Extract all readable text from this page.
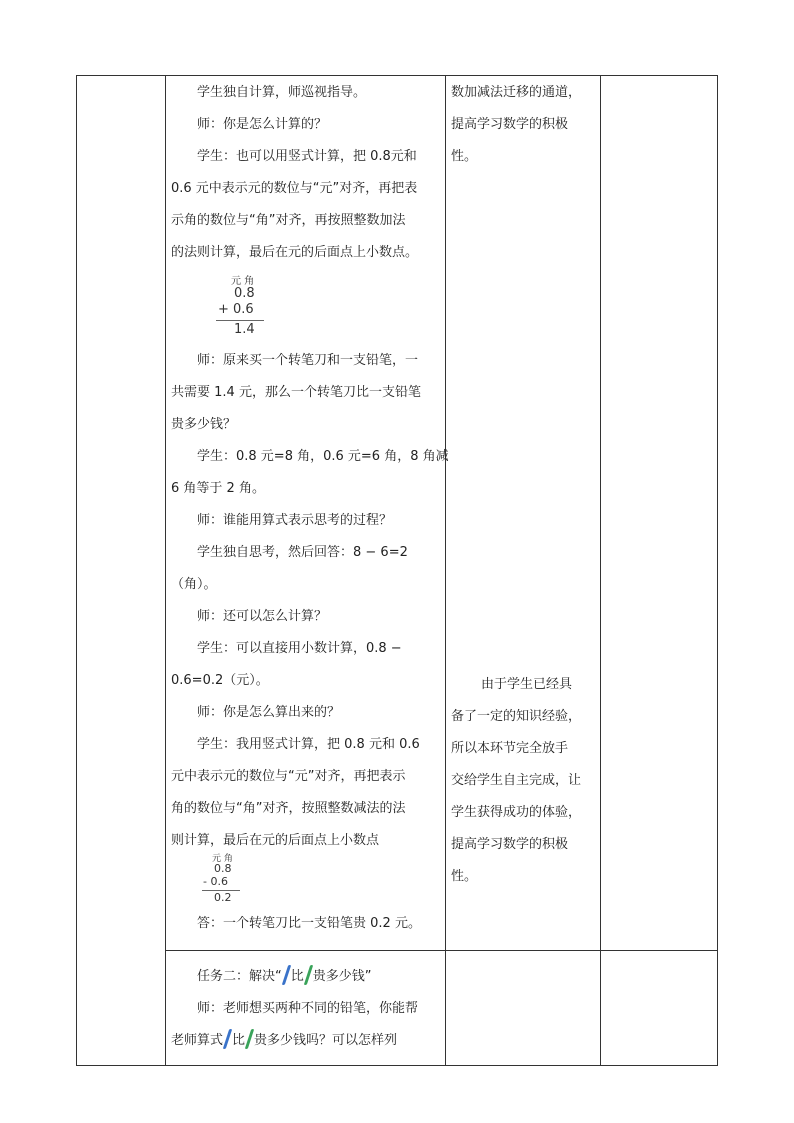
学生独自计算，师巡视指导。

师：你是怎么计算的？

学生：也可以用竖式计算，把 0.8元和

0.6 元中表示元的数位与“元”对齐，再把表

示角的数位与“角”对齐，再按照整数加法

的法则计算，最后在元的后面点上小数点。

元 角
0.8
+ 0.6
1.4

师：原来买一个转笔刀和一支铅笔，一

共需要 1.4 元，那么一个转笔刀比一支铅笔

贵多少钱？

学生：0.8 元=8 角，0.6 元=6 角，8 角减

6 角等于 2 角。

师：谁能用算式表示思考的过程？

学生独自思考，然后回答：8 − 6=2

（角）。

师：还可以怎么计算？

学生：可以直接用小数计算，0.8 −

0.6=0.2（元）。

师：你是怎么算出来的？

学生：我用竖式计算，把 0.8 元和 0.6

元中表示元的数位与“元”对齐，再把表示

角的数位与“角”对齐，按照整数减法的法

则计算，最后在元的后面点上小数点

元 角
0.8
- 0.6
0.2

答：一个转笔刀比一支铅笔贵 0.2 元。

任务二：解决“ 比 贵多少钱”

师：老师想买两种不同的铅笔，你能帮

老师算式 比 贵多少钱吗？可以怎样列

数加减法迁移的通道，

提高学习数学的积极

性。

由于学生已经具

备了一定的知识经验，

所以本环节完全放手

交给学生自主完成，让

学生获得成功的体验，

提高学习数学的积极

性。
